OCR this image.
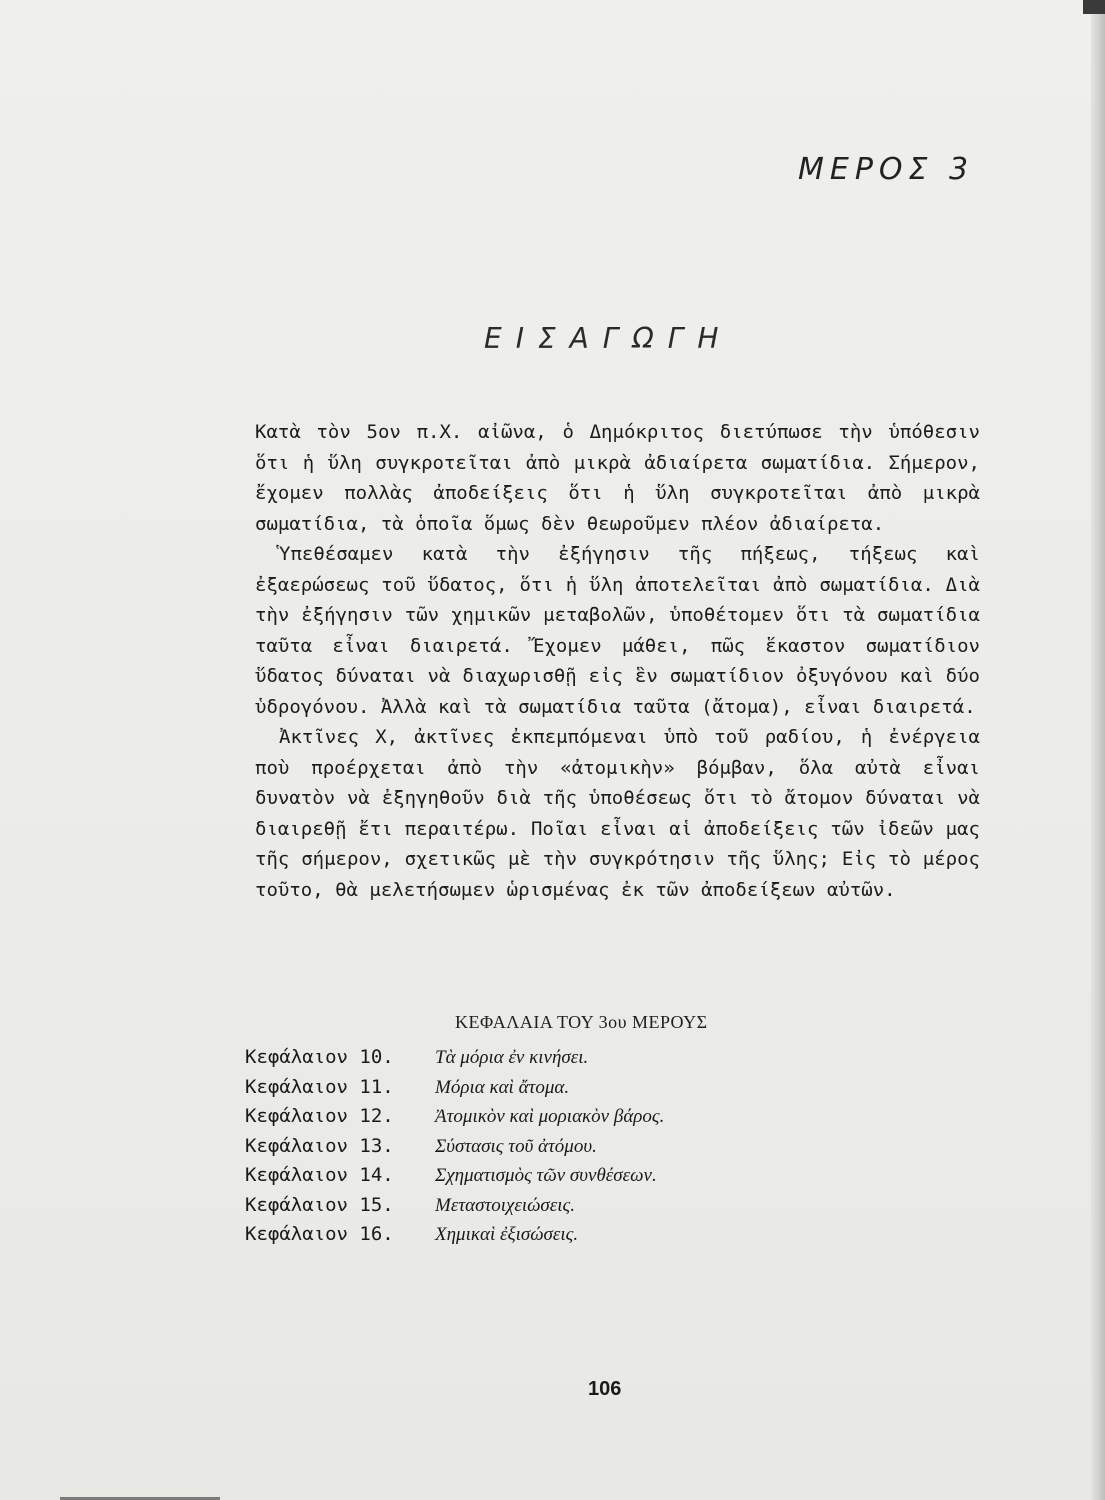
ΜΕΡΟΣ 3
ΕΙΣΑΓΩΓΗ

Κατὰ τὸν 5ον π.Χ. αἰῶνα, ὁ Δημόκριτος διετύπωσε τὴν ὑπόθεσιν ὅτι ἡ ὕλη συγκροτεῖται ἀπὸ μικρὰ ἀδιαίρετα σωματίδια. Σήμερον, ἔχομεν πολλὰς ἀποδείξεις ὅτι ἡ ὕλη συγκροτεῖται ἀπὸ μικρὰ σωματίδια, τὰ ὁποῖα ὅμως δὲν θεωροῦμεν πλέον ἀδιαίρετα.

Ὑπεθέσαμεν κατὰ τὴν ἐξήγησιν τῆς πήξεως, τήξεως καὶ ἐξαερώσεως τοῦ ὕδατος, ὅτι ἡ ὕλη ἀποτελεῖται ἀπὸ σωματίδια. Διὰ τὴν ἐξήγησιν τῶν χημικῶν μεταβολῶν, ὑποθέτομεν ὅτι τὰ σωματίδια ταῦτα εἶναι διαιρετά. Ἔχομεν μάθει, πῶς ἕκαστον σωματίδιον ὕδατος δύναται νὰ διαχωρισθῇ εἰς ἓν σωματίδιον ὀξυγόνου καὶ δύο ὑδρογόνου. Ἀλλὰ καὶ τὰ σωματίδια ταῦτα (ἄτομα), εἶναι διαιρετά.

Ἀκτῖνες Χ, ἀκτῖνες ἐκπεμπόμεναι ὑπὸ τοῦ ραδίου, ἡ ἐνέργεια ποὺ προέρχεται ἀπὸ τὴν «ἀτομικὴν» βόμβαν, ὅλα αὐτὰ εἶναι δυνατὸν νὰ ἐξηγηθοῦν διὰ τῆς ὑποθέσεως ὅτι τὸ ἄτομον δύναται νὰ διαιρεθῇ ἔτι περαιτέρω. Ποῖαι εἶναι αἱ ἀποδείξεις τῶν ἰδεῶν μας τῆς σήμερον, σχετικῶς μὲ τὴν συγκρότησιν τῆς ὕλης; Εἰς τὸ μέρος τοῦτο, θὰ μελετήσωμεν ὡρισμένας ἐκ τῶν ἀποδείξεων αὐτῶν.

ΚΕΦΑΛΑΙΑ ΤΟΥ 3ου ΜΕΡΟΥΣ
Κεφάλαιον 10.	Τὰ μόρια ἐν κινήσει.
Κεφάλαιον 11.	Μόρια καὶ ἄτομα.
Κεφάλαιον 12.	Ἀτομικὸν καὶ μοριακὸν βάρος.
Κεφάλαιον 13.	Σύστασις τοῦ ἀτόμου.
Κεφάλαιον 14.	Σχηματισμὸς τῶν συνθέσεων.
Κεφάλαιον 15.	Μεταστοιχειώσεις.
Κεφάλαιον 16.	Χημικαὶ ἐξισώσεις.
106
